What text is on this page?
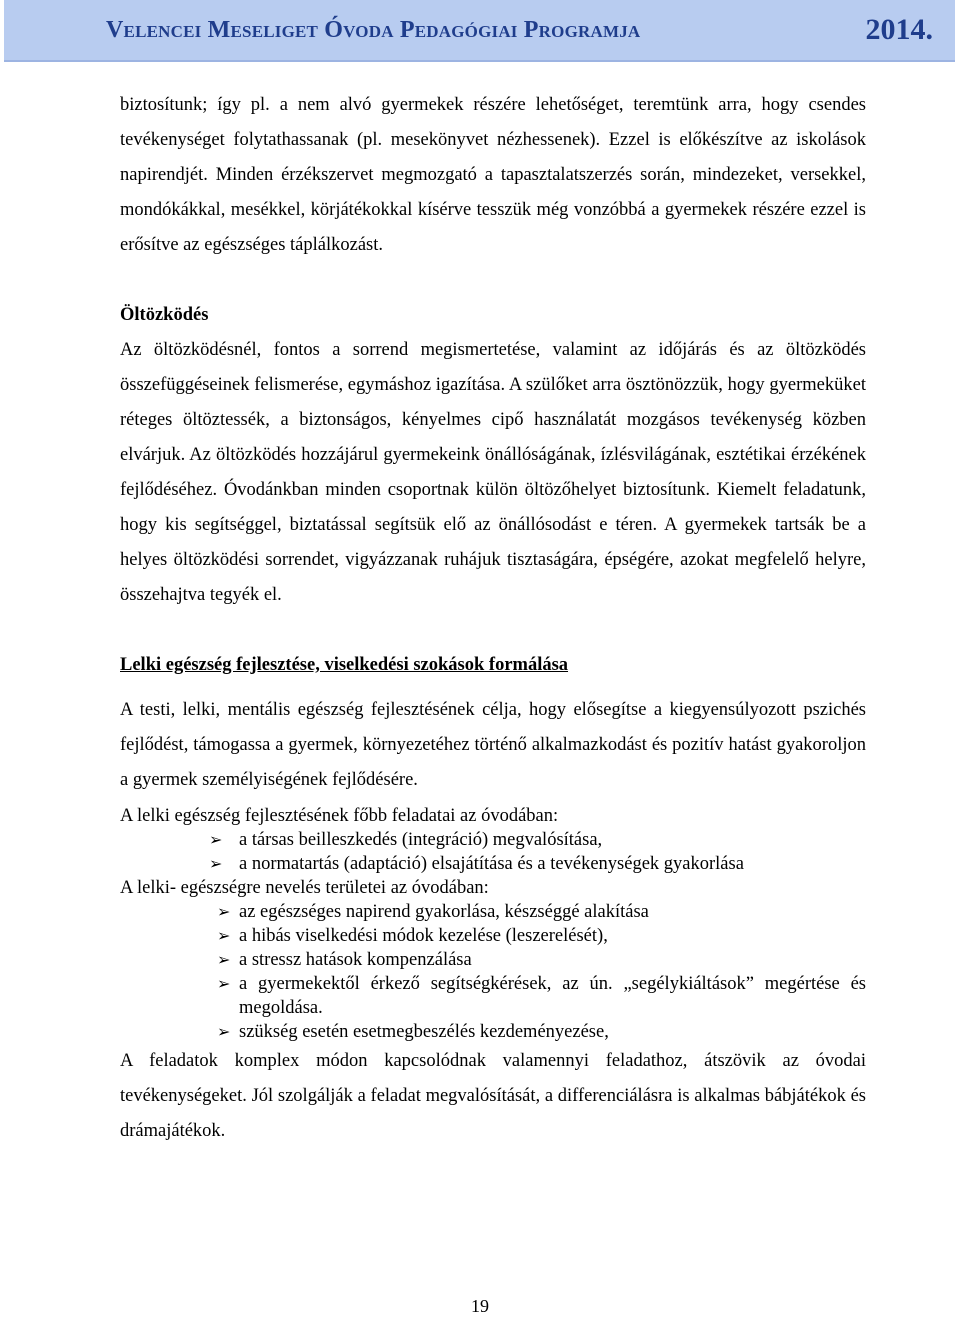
Velencei Meseliget Óvoda Pedagógiai Programja	2014.

biztosítunk; így pl. a nem alvó gyermekek részére lehetőséget, teremtünk arra, hogy csendes tevékenységet folytathassanak (pl. mesekönyvet nézhessenek). Ezzel is előkészítve az iskolások napirendjét. Minden érzékszervet megmozgató a tapasztalatszerzés során, mindezeket, versekkel, mondókákkal, mesékkel, körjátékokkal kísérve tesszük még vonzóbbá a gyermekek részére ezzel is erősítve az egészséges táplálkozást.

Öltözködés

Az öltözködésnél, fontos a sorrend megismertetése, valamint az időjárás és az öltözködés összefüggéseinek felismerése, egymáshoz igazítása. A szülőket arra ösztönözzük, hogy gyermeküket réteges öltöztessék, a biztonságos, kényelmes cipő használatát mozgásos tevékenység közben elvárjuk. Az öltözködés hozzájárul gyermekeink önállóságának, ízlésvilágának, esztétikai érzékének fejlődéséhez. Óvodánkban minden csoportnak külön öltözőhelyet biztosítunk. Kiemelt feladatunk, hogy kis segítséggel, biztatással segítsük elő az önállósodást e téren. A gyermekek tartsák be a helyes öltözködési sorrendet, vigyázzanak ruhájuk tisztaságára, épségére, azokat megfelelő helyre, összehajtva tegyék el.

Lelki egészség fejlesztése, viselkedési szokások formálása

A testi, lelki, mentális egészség fejlesztésének célja, hogy elősegítse a kiegyensúlyozott pszichés fejlődést, támogassa a gyermek, környezetéhez történő alkalmazkodást és pozitív hatást gyakoroljon a gyermek személyiségének fejlődésére.

A lelki egészség fejlesztésének főbb feladatai az óvodában:

➢ a társas beilleszkedés (integráció) megvalósítása,
➢ a normatartás (adaptáció) elsajátítása és a tevékenységek gyakorlása

A lelki- egészségre nevelés területei az óvodában:

➢ az egészséges napirend gyakorlása, készséggé alakítása
➢ a hibás viselkedési módok kezelése (leszerelését),
➢ a stressz hatások kompenzálása
➢ a gyermekektől érkező segítségkérések, az ún. „segélykiáltások” megértése és megoldása.
➢ szükség esetén esetmegbeszélés kezdeményezése,

A feladatok komplex módon kapcsolódnak valamennyi feladathoz, átszövik az óvodai tevékenységeket. Jól szolgálják a feladat megvalósítását, a differenciálásra is alkalmas bábjátékok és drámajátékok.

19
